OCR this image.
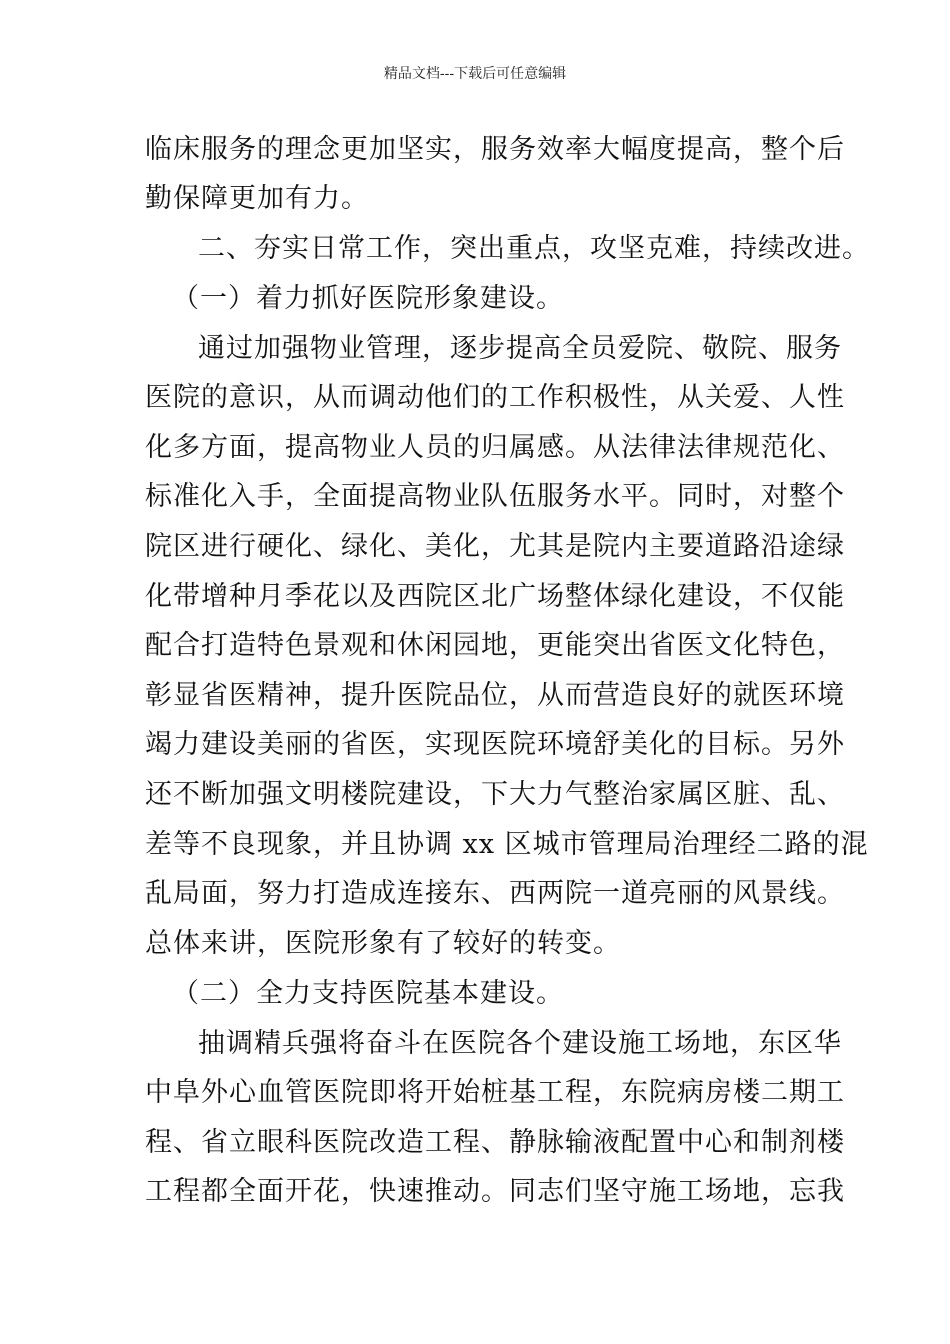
精品文档---下载后可任意编辑
临床服务的理念更加坚实，服务效率大幅度提高，整个后
勤保障更加有力。
二、夯实日常工作，突出重点，攻坚克难，持续改进。
（一）着力抓好医院形象建设。
通过加强物业管理，逐步提高全员爱院、敬院、服务
医院的意识，从而调动他们的工作积极性，从关爱、人性
化多方面，提高物业人员的归属感。从法律法律规范化、
标准化入手，全面提高物业队伍服务水平。同时，对整个
院区进行硬化、绿化、美化，尤其是院内主要道路沿途绿
化带增种月季花以及西院区北广场整体绿化建设，不仅能
配合打造特色景观和休闲园地，更能突出省医文化特色，
彰显省医精神，提升医院品位，从而营造良好的就医环境
竭力建设美丽的省医，实现医院环境舒美化的目标。另外
还不断加强文明楼院建设，下大力气整治家属区脏、乱、
差等不良现象，并且协调 xx 区城市管理局治理经二路的混
乱局面，努力打造成连接东、西两院一道亮丽的风景线。
总体来讲，医院形象有了较好的转变。
（二）全力支持医院基本建设。
抽调精兵强将奋斗在医院各个建设施工场地，东区华
中阜外心血管医院即将开始桩基工程，东院病房楼二期工
程、省立眼科医院改造工程、静脉输液配置中心和制剂楼
工程都全面开花，快速推动。同志们坚守施工场地，忘我
